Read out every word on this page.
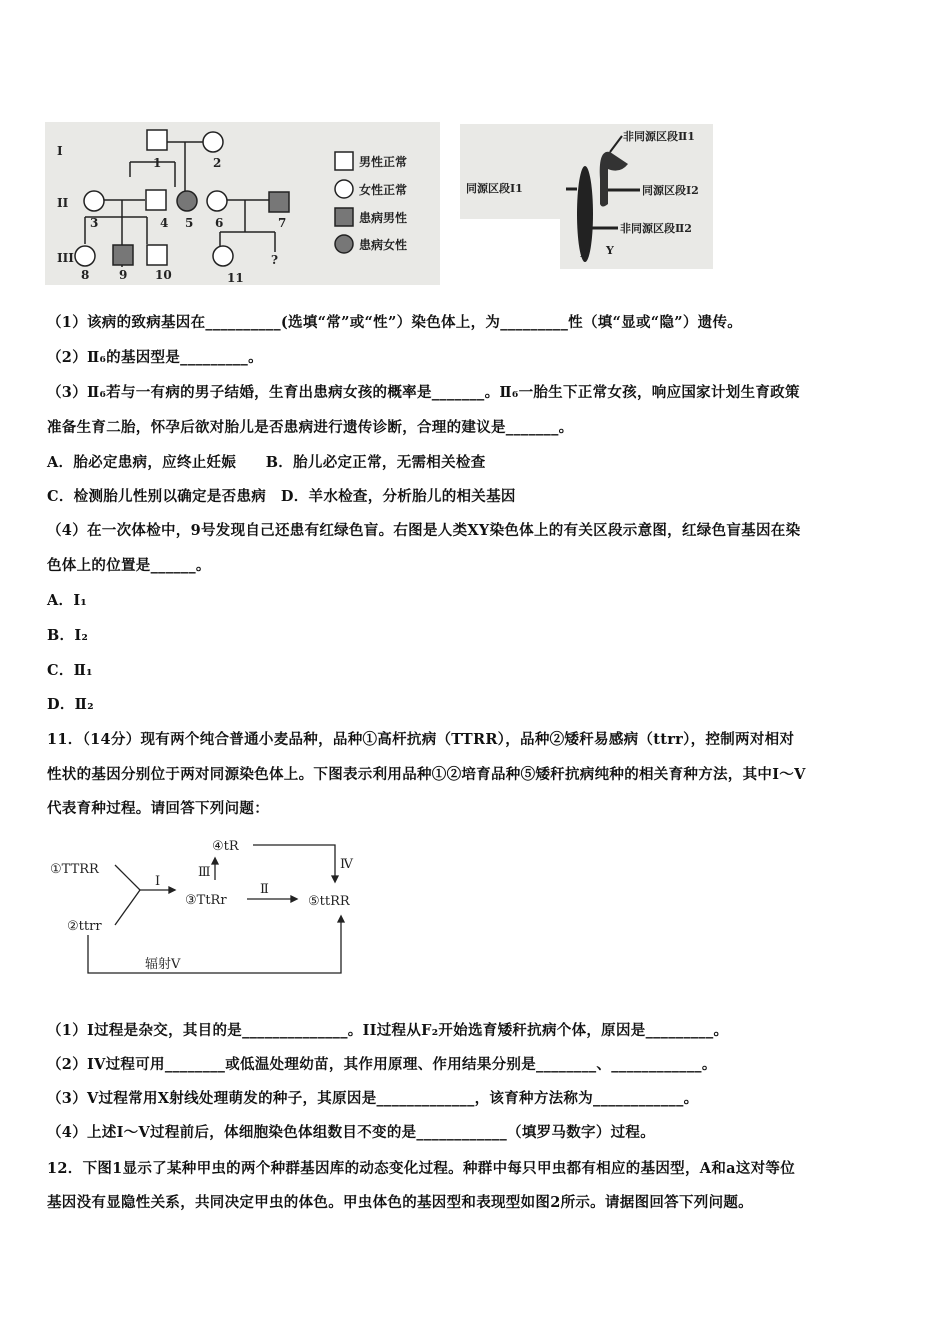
I
II
III
1	2
3	4 5 6	7
8 9 10	11
?
男性正常
女性正常
患病男性
患病女性
非同源区段Ⅱ1
同源区段Ⅰ1	同源区段Ⅰ2
非同源区段Ⅱ2
X Y
（1）该病的致病基因在__________(选填“常”或“性”）染色体上，为_________性（填“显或“隐”）遗传。
（2）Ⅱ₆的基因型是_________。
（3）Ⅱ₆若与一有病的男子结婚，生育出患病女孩的概率是_______。Ⅱ₆一胎生下正常女孩，响应国家计划生育政策
准备生育二胎，怀孕后欲对胎儿是否患病进行遗传诊断，合理的建议是_______。
A．胎必定患病，应终止妊娠　　B．胎儿必定正常，无需相关检查
C．检测胎儿性别以确定是否患病　D．羊水检查，分析胎儿的相关基因
（4）在一次体检中，9号发现自己还患有红绿色盲。右图是人类XY染色体上的有关区段示意图，红绿色盲基因在染
色体上的位置是______。
A．I₁
B．I₂
C．Ⅱ₁
D．Ⅱ₂
11．（14分）现有两个纯合普通小麦品种，品种①高杆抗病（TTRR），品种②矮秆易感病（ttrr），控制两对相对
性状的基因分别位于两对同源染色体上。下图表示利用品种①②培育品种⑤矮秆抗病纯种的相关育种方法，其中Ⅰ～Ⅴ
代表育种过程。请回答下列问题：
①TTRR
②ttrr
③TtRr
④tR
⑤ttRR
Ⅰ
Ⅱ
Ⅲ
Ⅳ
辐射Ⅴ
（1）I过程是杂交，其目的是______________。II过程从F₂开始选育矮秆抗病个体，原因是_________。
（2）IV过程可用________或低温处理幼苗，其作用原理、作用结果分别是________、____________。
（3）V过程常用X射线处理萌发的种子，其原因是_____________，该育种方法称为____________。
（4）上述Ⅰ～Ⅴ过程前后，体细胞染色体组数目不变的是____________（填罗马数字）过程。
12．下图1显示了某种甲虫的两个种群基因库的动态变化过程。种群中每只甲虫都有相应的基因型，A和a这对等位
基因没有显隐性关系，共同决定甲虫的体色。甲虫体色的基因型和表现型如图2所示。请据图回答下列问题。
